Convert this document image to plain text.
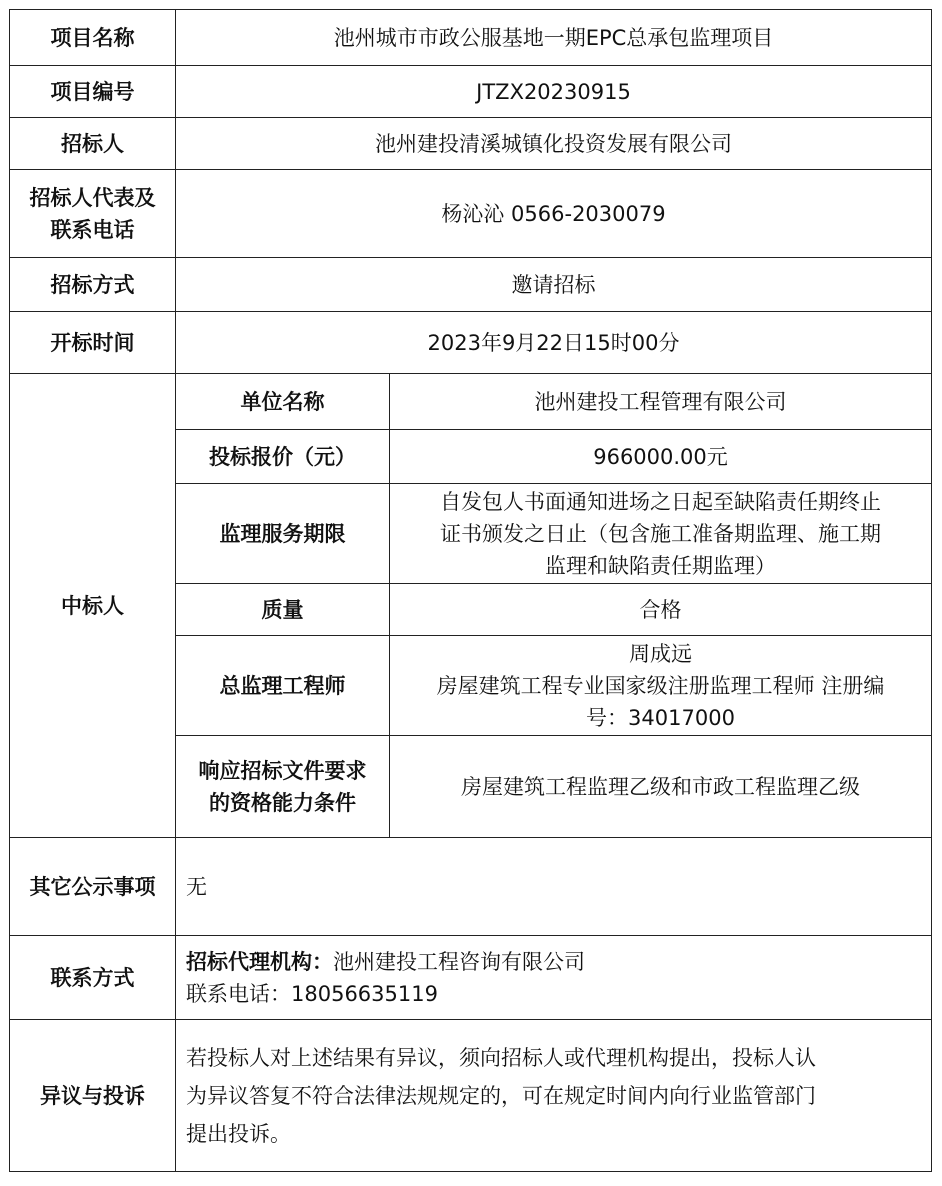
项目名称	池州城市市政公服基地一期EPC总承包监理项目	
项目编号	JTZX20230915	
招标人	池州建投清溪城镇化投资发展有限公司	

招标人代表及
联系电话	杨沁沁 0566-2030079	
招标方式	邀请招标	
开标时间	2023年9月22日15时00分	
中标人	单位名称	池州建投工程管理有限公司
	投标报价（元）	966000.00元
	监理服务期限	自发包人书面通知进场之日起至缺陷责任期终止
证书颁发之日止（包含施工准备期监理、施工期
监理和缺陷责任期监理）

	质量	合格
	总监理工程师	周成远
房屋建筑工程专业国家级注册监理工程师 注册编
号：34017000

	响应招标文件要求
的资格能力条件	房屋建筑工程监理乙级和市政工程监理乙级
其它公示事项	无	
联系方式	招标代理机构：池州建投工程咨询有限公司
联系电话：18056635119	

异议与投诉	若投标人对上述结果有异议，须向招标人或代理机构提出，投标人认
为异议答复不符合法律法规规定的，可在规定时间内向行业监管部门
提出投诉。	
